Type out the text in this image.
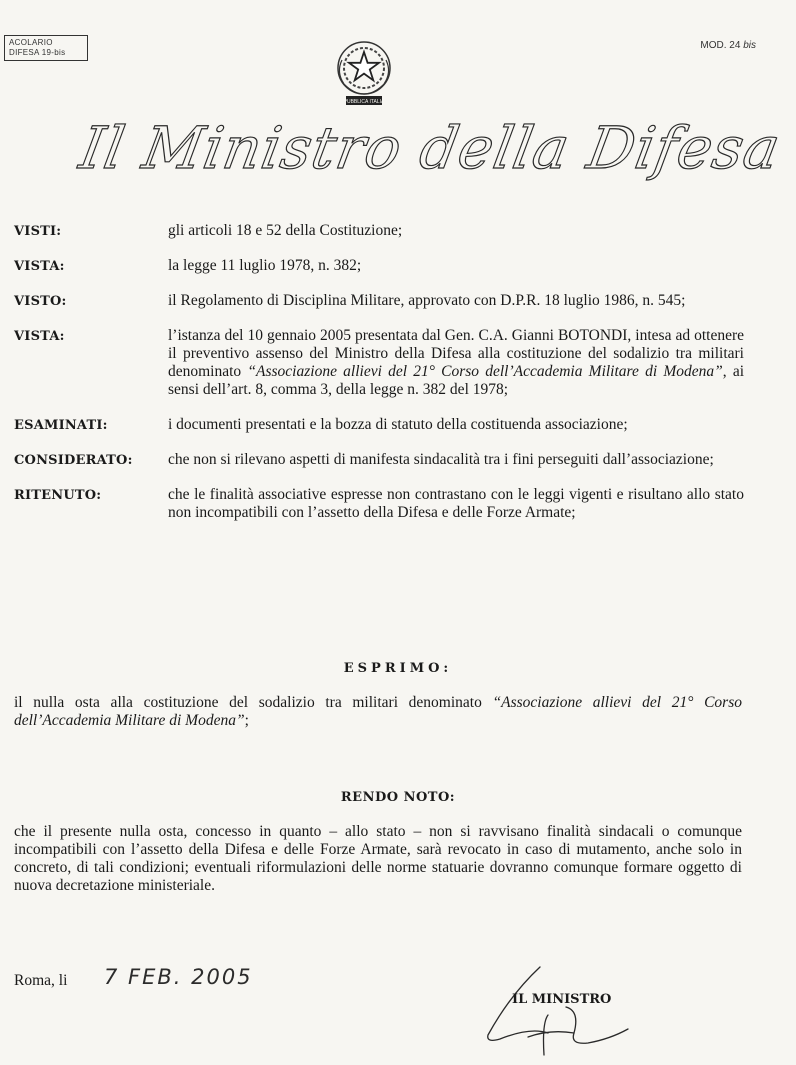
ACOLARIO
DIFESA 19-bis
MOD. 24 bis
REPUBBLICA ITALIANA
Il Ministro della Difesa
VISTI:	gli articoli 18 e 52 della Costituzione;
VISTA:	la legge 11 luglio 1978, n. 382;
VISTO:	il Regolamento di Disciplina Militare, approvato con D.P.R. 18 luglio 1986, n. 545;
VISTA:	l’istanza del 10 gennaio 2005 presentata dal Gen. C.A. Gianni BOTONDI, intesa ad ottenere il preventivo assenso del Ministro della Difesa alla costituzione del sodalizio tra militari denominato “Associazione allievi del 21° Corso dell’Accademia Militare di Modena”, ai sensi dell’art. 8, comma 3, della legge n. 382 del 1978;
ESAMINATI:	i documenti presentati e la bozza di statuto della costituenda associazione;
CONSIDERATO:	che non si rilevano aspetti di manifesta sindacalità tra i fini perseguiti dall’associazione;
RITENUTO:	che le finalità associative espresse non contrastano con le leggi vigenti e risultano allo stato non incompatibili con l’assetto della Difesa e delle Forze Armate;
ESPRIMO:
il nulla osta alla costituzione del sodalizio tra militari denominato “Associazione allievi del 21° Corso dell’Accademia Militare di Modena”;
RENDO NOTO:
che il presente nulla osta, concesso in quanto – allo stato – non si ravvisano finalità sindacali o comunque incompatibili con l’assetto della Difesa e delle Forze Armate, sarà revocato in caso di mutamento, anche solo in concreto, di tali condizioni; eventuali riformulazioni delle norme statuarie dovranno comunque formare oggetto di nuova decretazione ministeriale.
Roma, li 7 FEB. 2005
IL MINISTRO
